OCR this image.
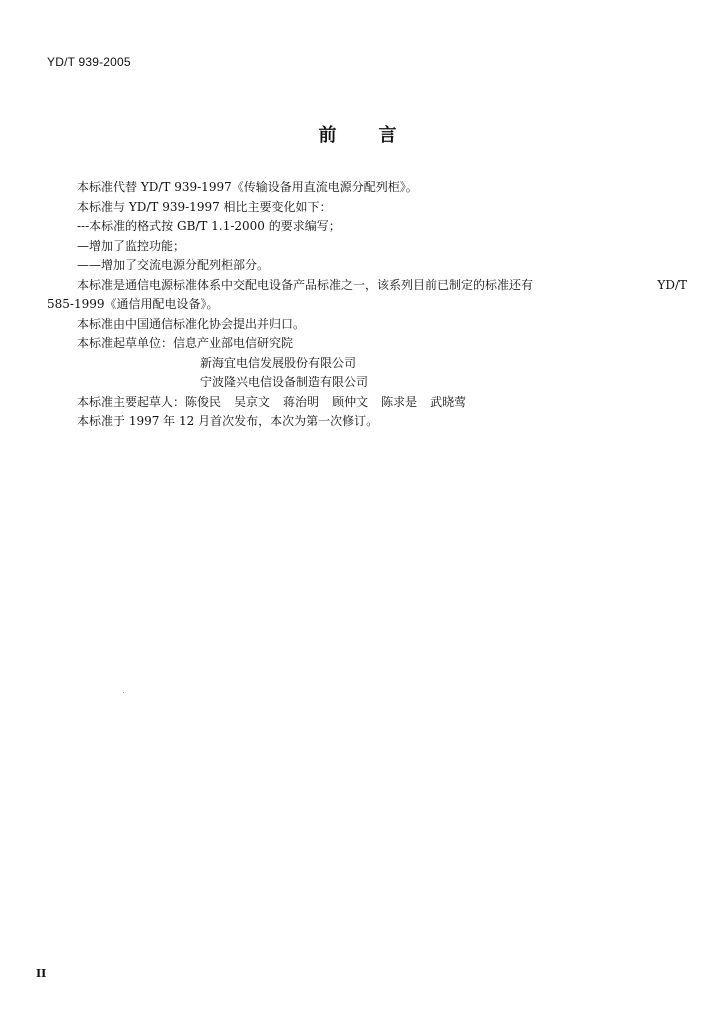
YD/T 939-2005
前 言

本标准代替 YD/T 939-1997《传输设备用直流电源分配列柜》。

本标准与 YD/T 939-1997 相比主要变化如下：

---本标准的格式按 GB/T 1.1-2000 的要求编写；

—增加了监控功能；

——增加了交流电源分配列柜部分。

本标准是通信电源标准体系中交配电设备产品标准之一，该系列目前已制定的标准还有	YD/T

585-1999《通信用配电设备》。

本标准由中国通信标准化协会提出并归口。

本标准起草单位：信息产业部电信研究院

新海宜电信发展股份有限公司

宁波隆兴电信设备制造有限公司

本标准主要起草人：陈俊民 吴京文 蒋治明 顾仲文 陈求是 武晓莺

本标准于 1997 年 12 月首次发布，本次为第一次修订。

II
